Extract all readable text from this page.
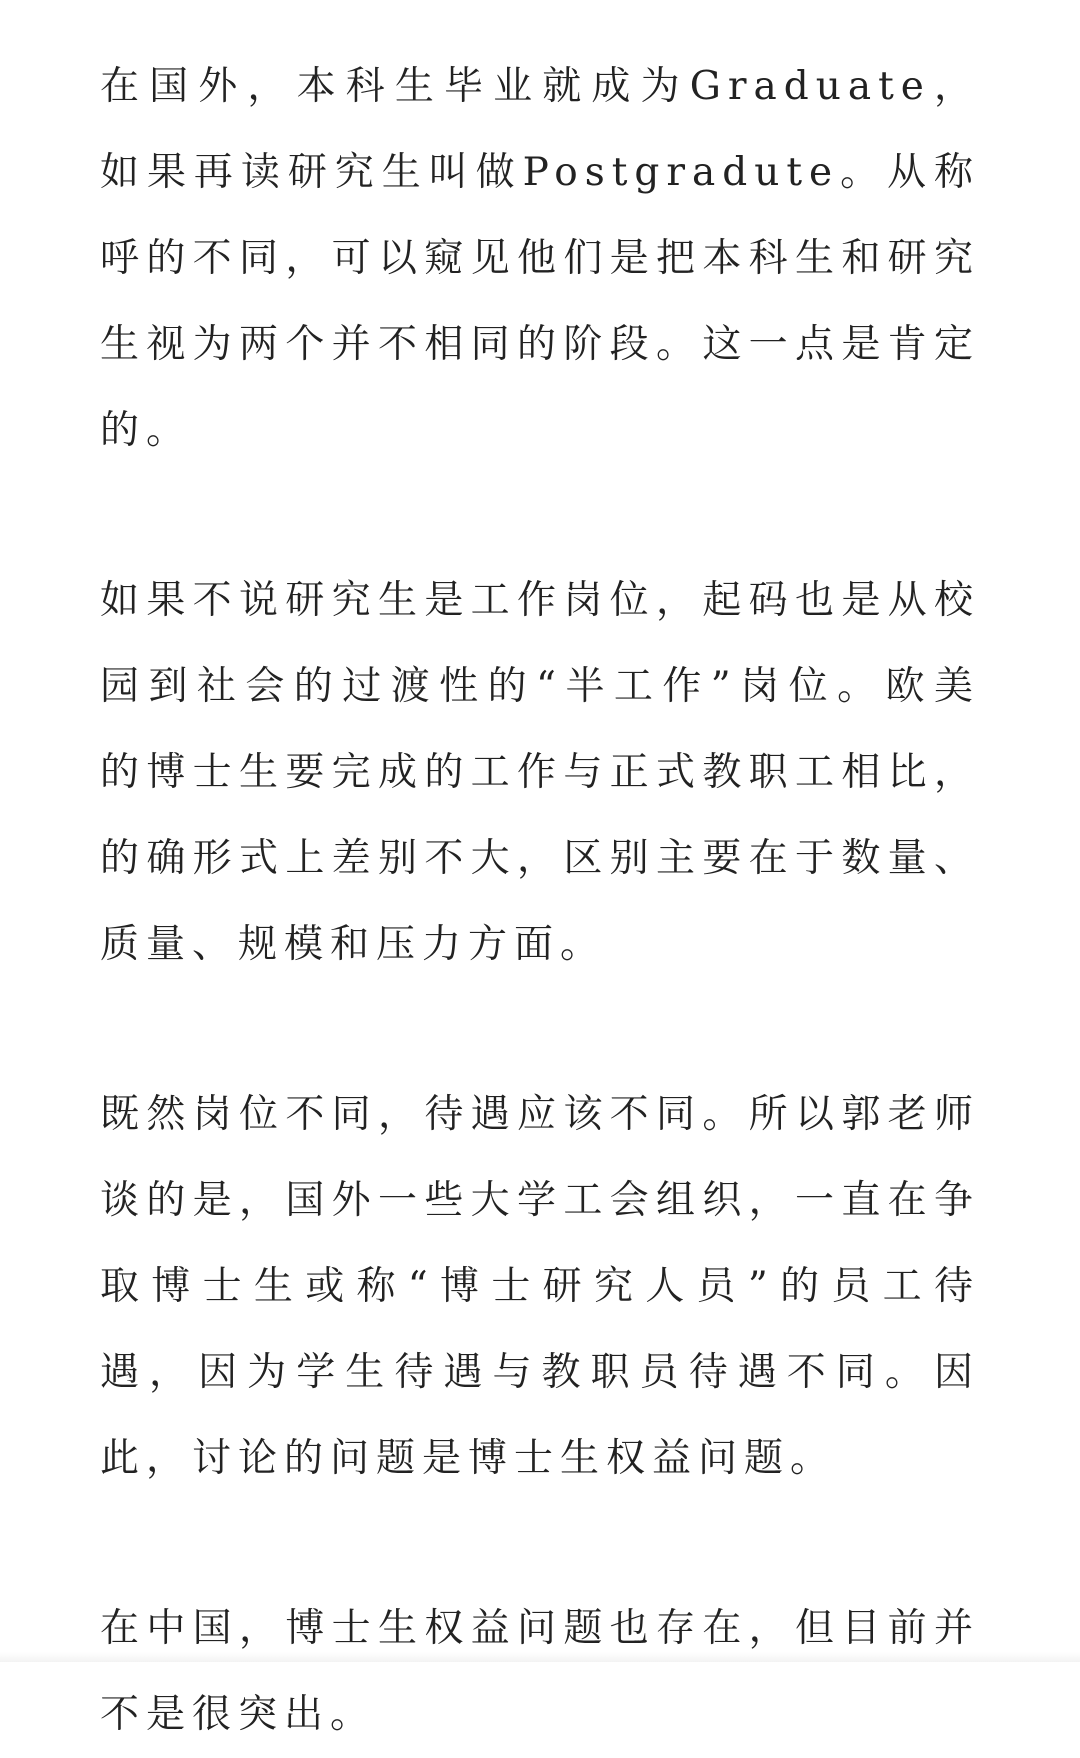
在国外，本科生毕业就成为Graduate，如果再读研究生叫做Postgradute。从称呼的不同，可以窥见他们是把本科生和研究生视为两个并不相同的阶段。这一点是肯定的。

如果不说研究生是工作岗位，起码也是从校园到社会的过渡性的“半工作”岗位。欧美的博士生要完成的工作与正式教职工相比，的确形式上差别不大，区别主要在于数量、质量、规模和压力方面。

既然岗位不同，待遇应该不同。所以郭老师谈的是，国外一些大学工会组织，一直在争取博士生或称“博士研究人员”的员工待遇，因为学生待遇与教职员待遇不同。因此，讨论的问题是博士生权益问题。

在中国，博士生权益问题也存在，但目前并不是很突出。
